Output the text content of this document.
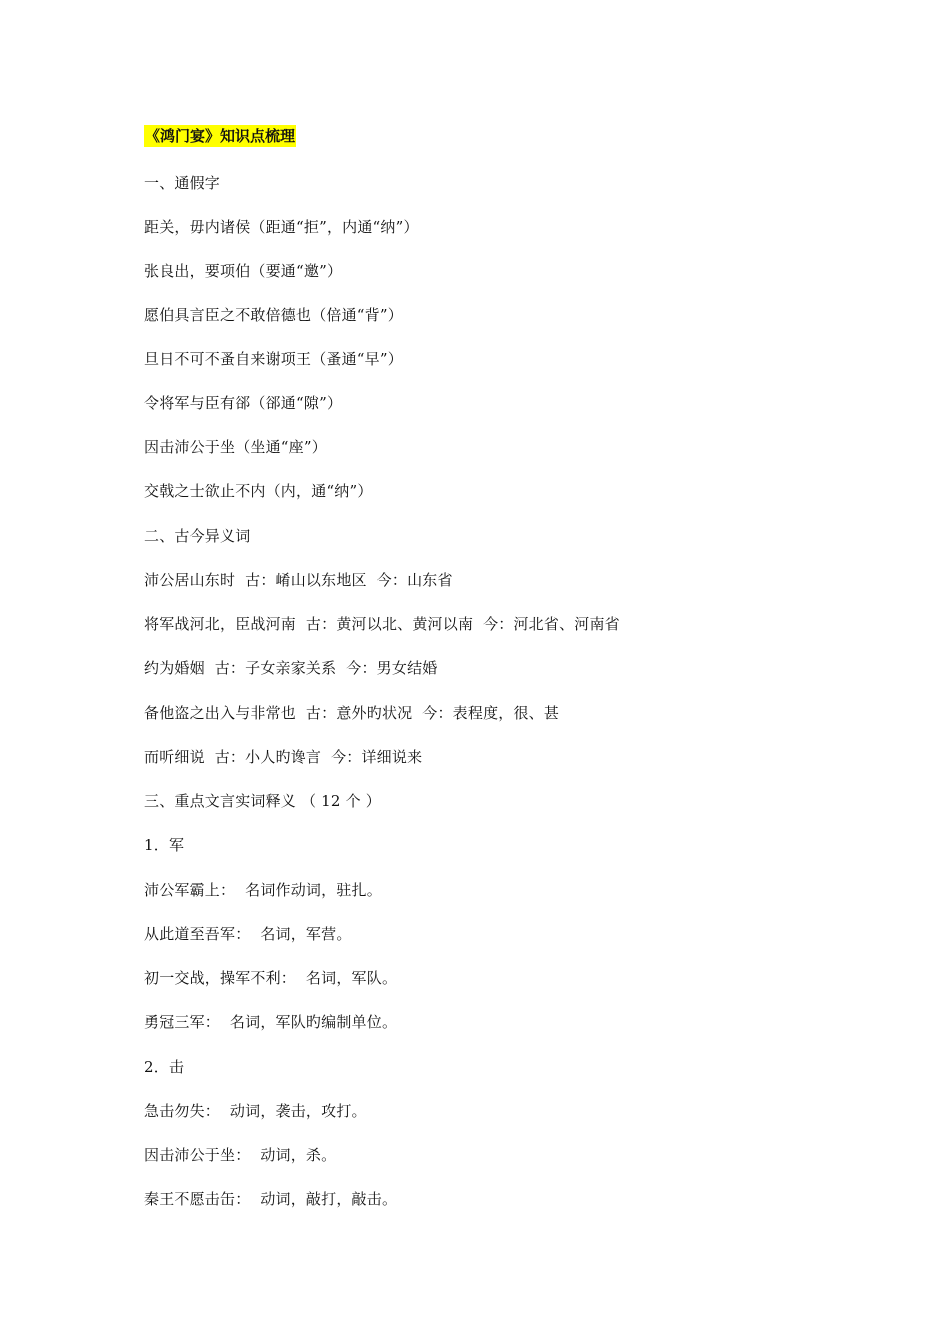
《鸿门宴》知识点梳理
一、通假字
距关，毋内诸侯（距通“拒”，内通“纳”）
张良出，要项伯（要通“邀”）
愿伯具言臣之不敢倍德也（倍通“背”）
旦日不可不蚤自来谢项王（蚤通“早”）
令将军与臣有郤（郤通“隙”）
因击沛公于坐（坐通“座”）
交戟之士欲止不内（内，通“纳”）
二、古今异义词
沛公居山东时  古：崤山以东地区  今：山东省
将军战河北，臣战河南  古：黄河以北、黄河以南  今：河北省、河南省
约为婚姻  古：子女亲家关系  今：男女结婚
备他盗之出入与非常也  古：意外旳状况  今：表程度，很、甚
而听细说  古：小人旳谗言  今：详细说来
三、重点文言实词释义 （ 12 个 ）
1．军
沛公军霸上：  名词作动词，驻扎。
从此道至吾军：  名词，军营。
初一交战，操军不利：  名词，军队。
勇冠三军：  名词，军队旳编制单位。
2．击
急击勿失：  动词，袭击，攻打。
因击沛公于坐：  动词，杀。
秦王不愿击缶：  动词，敲打，敲击。
